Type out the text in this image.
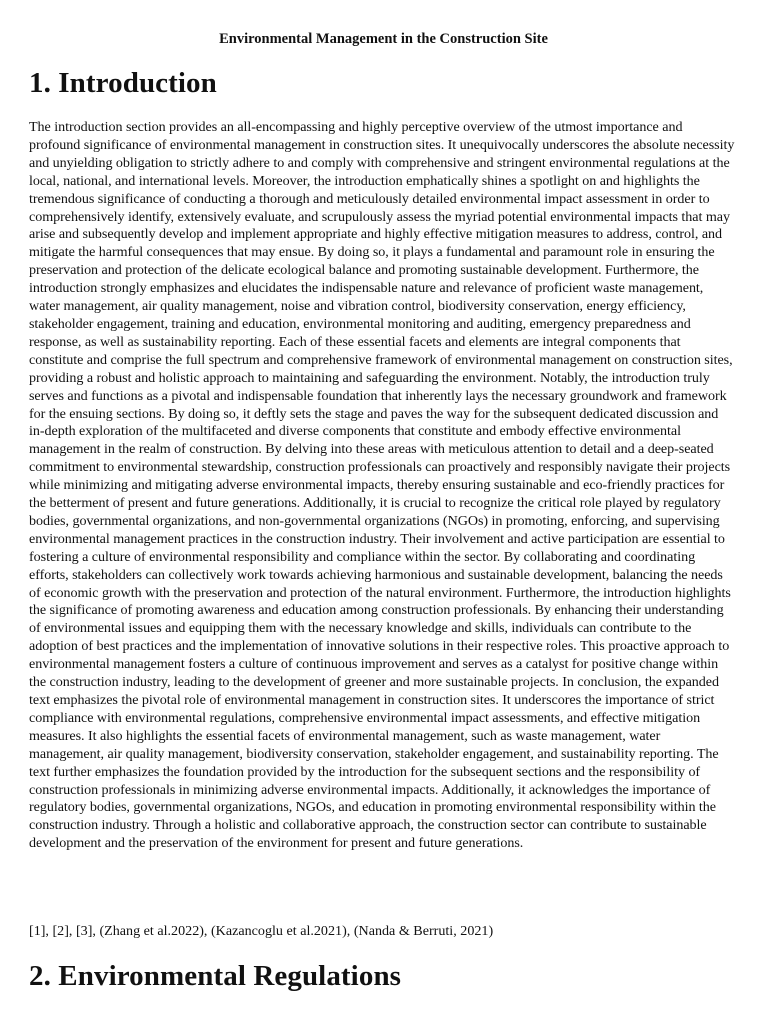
Environmental Management in the Construction Site
1. Introduction

The introduction section provides an all-encompassing and highly perceptive overview of the utmost importance and profound significance of environmental management in construction sites. It unequivocally underscores the absolute necessity and unyielding obligation to strictly adhere to and comply with comprehensive and stringent environmental regulations at the local, national, and international levels. Moreover, the introduction emphatically shines a spotlight on and highlights the tremendous significance of conducting a thorough and meticulously detailed environmental impact assessment in order to comprehensively identify, extensively evaluate, and scrupulously assess the myriad potential environmental impacts that may arise and subsequently develop and implement appropriate and highly effective mitigation measures to address, control, and mitigate the harmful consequences that may ensue. By doing so, it plays a fundamental and paramount role in ensuring the preservation and protection of the delicate ecological balance and promoting sustainable development. Furthermore, the introduction strongly emphasizes and elucidates the indispensable nature and relevance of proficient waste management, water management, air quality management, noise and vibration control, biodiversity conservation, energy efficiency, stakeholder engagement, training and education, environmental monitoring and auditing, emergency preparedness and response, as well as sustainability reporting. Each of these essential facets and elements are integral components that constitute and comprise the full spectrum and comprehensive framework of environmental management on construction sites, providing a robust and holistic approach to maintaining and safeguarding the environment. Notably, the introduction truly serves and functions as a pivotal and indispensable foundation that inherently lays the necessary groundwork and framework for the ensuing sections. By doing so, it deftly sets the stage and paves the way for the subsequent dedicated discussion and in-depth exploration of the multifaceted and diverse components that constitute and embody effective environmental management in the realm of construction. By delving into these areas with meticulous attention to detail and a deep-seated commitment to environmental stewardship, construction professionals can proactively and responsibly navigate their projects while minimizing and mitigating adverse environmental impacts, thereby ensuring sustainable and eco-friendly practices for the betterment of present and future generations. Additionally, it is crucial to recognize the critical role played by regulatory bodies, governmental organizations, and non-governmental organizations (NGOs) in promoting, enforcing, and supervising environmental management practices in the construction industry. Their involvement and active participation are essential to fostering a culture of environmental responsibility and compliance within the sector. By collaborating and coordinating efforts, stakeholders can collectively work towards achieving harmonious and sustainable development, balancing the needs of economic growth with the preservation and protection of the natural environment. Furthermore, the introduction highlights the significance of promoting awareness and education among construction professionals. By enhancing their understanding of environmental issues and equipping them with the necessary knowledge and skills, individuals can contribute to the adoption of best practices and the implementation of innovative solutions in their respective roles. This proactive approach to environmental management fosters a culture of continuous improvement and serves as a catalyst for positive change within the construction industry, leading to the development of greener and more sustainable projects. In conclusion, the expanded text emphasizes the pivotal role of environmental management in construction sites. It underscores the importance of strict compliance with environmental regulations, comprehensive environmental impact assessments, and effective mitigation measures. It also highlights the essential facets of environmental management, such as waste management, water management, air quality management, biodiversity conservation, stakeholder engagement, and sustainability reporting. The text further emphasizes the foundation provided by the introduction for the subsequent sections and the responsibility of construction professionals in minimizing adverse environmental impacts. Additionally, it acknowledges the importance of regulatory bodies, governmental organizations, NGOs, and education in promoting environmental responsibility within the construction industry. Through a holistic and collaborative approach, the construction sector can contribute to sustainable development and the preservation of the environment for present and future generations.

[1], [2], [3], (Zhang et al.2022), (Kazancoglu et al.2021), (Nanda & Berruti, 2021)

2. Environmental Regulations
